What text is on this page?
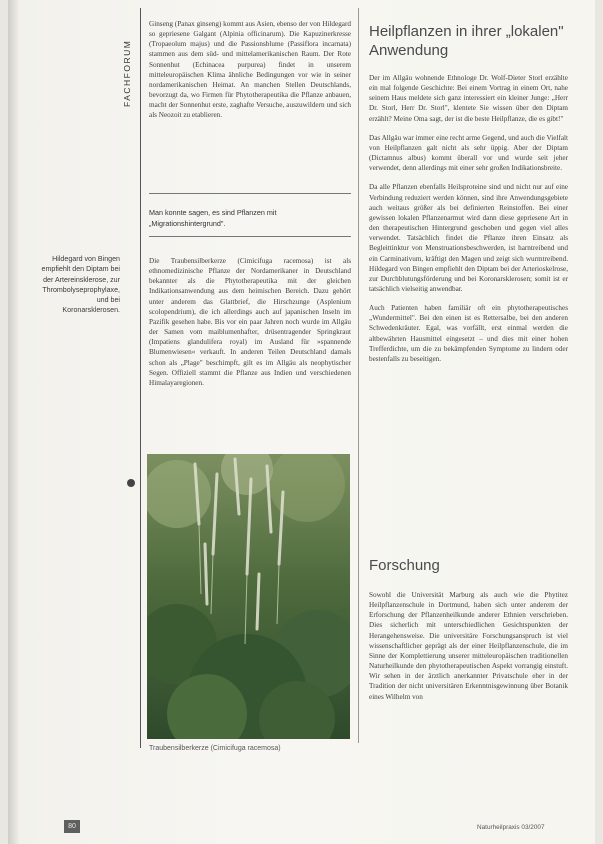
FACHFORUM
Ginseng (Panax ginseng) kommt aus Asien, ebenso der von Hildegard so gepriesene Galgant (Alpinia officinarum). Die Kapuzinerkresse (Tropaeolum majus) und die Passionsblume (Passiflora incarnata) stammen aus dem süd- und mittelamerikanischen Raum. Der Rote Sonnenhut (Echinacea purpurea) findet in unserem mitteleuropäischen Klima ähnliche Bedingungen vor wie in seiner nordamerikanischen Heimat. An manchen Stellen Deutschlands, bevorzugt da, wo Firmen für Phytotherapeutika die Pflanze anbauen, macht der Sonnenhut erste, zaghafte Versuche, auszuwildern und sich als Neozoit zu etablieren.
Man konnte sagen, es sind Pflanzen mit „Migrationshintergrund".
Hildegard von Bingen empfiehlt den Diptam bei der Artereinsklerose, zur Thrombolyseprophylaxe, und bei Koronarsklerosen.
Die Traubensilberkerze (Cimicifuga racemosa) ist als ethnomedizinische Pflanze der Nordamerikaner in Deutschland bekannter als die Phytotherapeutika mit der gleichen Indikationsanwendung aus dem heimischen Bereich. Dazu gehört unter anderem das Glattbrief, die Hirschzunge (Asplenium scolopendrium), die ich allerdings auch auf japanischen Inseln im Pazifik gesehen habe. Bis vor ein paar Jahren noch wurde im Allgäu der Samen vom maiblumenhafter, drüsentragender Springkraut (Impatiens glandulifera royal) im Ausland für »spannende Blumenwiesen« verkauft. In anderen Teilen Deutschland damals schon als „Plage" beschimpft, gilt es im Allgäu als neophytischer Segen. Offiziell stammt die Pflanze aus Indien und verschiedenen Himalayaregionen.
Traubensilberkerze (Cimicifuga racemosa)
Heilpflanzen in ihrer „lokalen" Anwendung

Der im Allgäu wohnende Ethnologe Dr. Wolf-Dieter Storl erzählte ein mal folgende Geschichte: Bei einem Vortrag in einem Ort, nahe seinem Haus meldete sich ganz interessiert ein kleiner Junge: „Herr Dr. Storl, Herr Dr. Storl", klentete Sie wissen über den Diptam erzählt? Meine Oma sagt, der ist die beste Heilpflanze, die es gibt!"

Das Allgäu war immer eine recht arme Gegend, und auch die Vielfalt von Heilpflanzen galt nicht als sehr üppig. Aber der Diptam (Dictamnus albus) kommt überall vor und wurde seit jeher verwendet, denn allerdings mit einer sehr großen Indikationsbreite.

Da alle Pflanzen ebenfalls Heilsproteine sind und nicht nur auf eine Verbindung reduziert werden können, sind ihre Anwendungsgebiete auch weitaus größer als bei definierten Reinstoffen. Bei einer gewissen lokalen Pflanzenarmut wird dann diese gepriesene Art in den therapeutischen Hintergrund geschoben und gegen viel alles verwendet. Tatsächlich findet die Pflanze ihren Einsatz als Begleittinktur von Menstruationsbeschwerden, ist harntreibend und ein Carminativum, kräftigt den Magen und zeigt sich wurmtreibend. Hildegard von Bingen empfiehlt den Diptam bei der Arterioskelrose, zur Durchblutungsförderung und bei Koronarsklerosen; somit ist er tatsächlich vielseitig anwendbar.

Auch Patienten haben familiär oft ein phytotherapeutisches „Wundermittel". Bei den einen ist es Rettersalbe, bei den anderen Schwedenkräuter. Egal, was vorfällt, erst einmal werden die altbewährten Hausmittel eingesetzt – und dies mit einer hohen Trefferdichte, um die zu bekämpfenden Symptome zu lindern oder bestenfalls zu beseitigen.

Forschung
Sowohl die Universität Marburg als auch wie die Phytitez Heilpflanzenschule in Dortmund, haben sich unter anderem der Erforschung der Pflanzenheilkunde anderer Ethnien verschrieben. Dies sicherlich mit unterschiedlichen Gesichtspunkten der Herangehensweise. Die universitäre Forschungsanspruch ist viel wissenschaftlicher geprägt als der einer Heilpflanzenschule, die im Sinne der Komplettierung unserer mitteleuropäischen traditionellen Naturheilkunde den phytotherapeutischen Aspekt vorrangig einstuft. Wir sehen in der ärztlich anerkannter Privatschule eher in der Tradition der nicht universitären Erkenntnisgewinnung über Botanik eines Wilhelm von
80	Naturheilpraxis 03/2007
